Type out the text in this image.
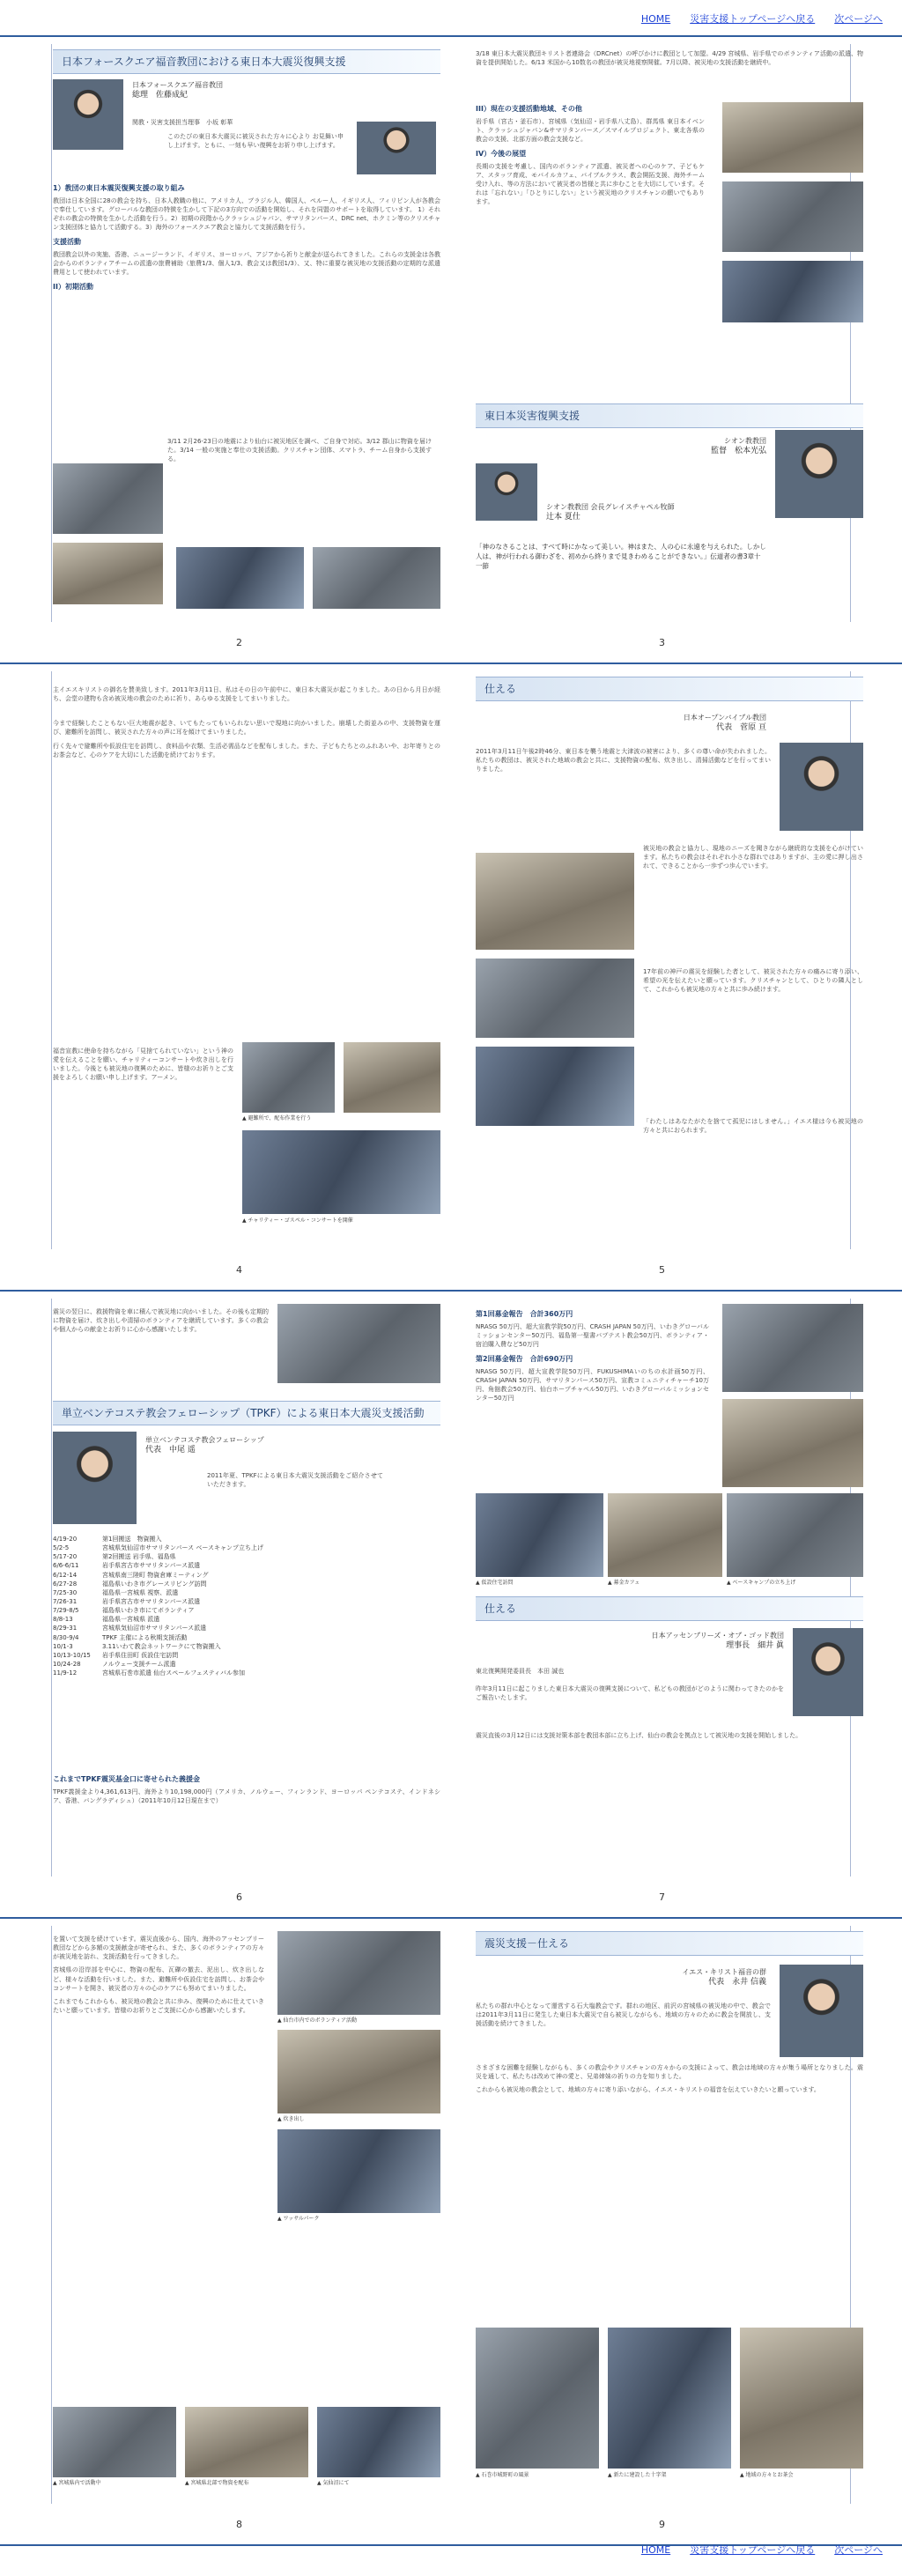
HOME 災害支援トップページへ戻る 次ページへ
日本フォースクエア福音教団における東日本大震災復興支援
日本フォースクエア福音教団
総理　佐藤成紀
関教・災害支援担当理事　小坂 彰華
このたびの東日本大震災に被災された方々に心より お見舞い申し上げます。ともに、一刻も早い復興をお祈り申し上げます。
1）教団の東日本震災復興支援の取り組み

教団は日本全国に28の教会を持ち、日本人教職の他に、アメリカ人、ブラジル人、韓国人、ペルー人、イギリス人、フィリピン人が各教会で奉仕しています。グローバルな教団の特徴を生かして下記の3方向での活動を開始し、それを同盟のサポートを取得しています。 1）それぞれの教会の特徴を生かした活動を行う。2）初期の段階からクラッシュジャパン、サマリタンパース、DRC net、ホクミン等のクリスチャン支援団体と協力して活動する。3）海外のフォースクエア教会と協力して支援活動を行う。

支援活動

教団教会以外の実施、香港、ニュージーランド、イギリス、ヨーロッパ、アジアから祈りと献金が送られてきました。これらの支援金は各教会からのボランティアチームの派遣の旅費補助（旅費1/3、個人1/3、教会又は教団1/3）、又、特に重要な被災地の支援活動の定期的な派遣費用として使われています。

II）初期活動
3/11 2月26-23日の地震により仙台に被災地区を調べ、ご自身で対応。3/12 郡山に物資を届けた。3/14 一般の実施と奉仕の支援活動。クリスチャン団体、スマトラ、チーム自身から支援する。
2

3/18 東日本大震災教団キリスト者連絡会（DRCnet）の呼びかけに教団として加盟。4/29 宮城県、岩手県でのボランティア活動の派遣、物資を提供開始した。6/13 米国から10数名の教団が被災地視察開催。7月以降、被災地の支援活動を継続中。

III）現在の支援活動地域、その他

岩手県（宮古・釜石市）、宮城県（気仙沼・岩手県八丈島）、群馬県 東日本イベント、クラッシュジャパン&サマリタンパース／スマイルプロジェクト、東北各県の教会の支援、北部方面の教会支援など。

IV）今後の展望

長期の支援を考慮し、国内のボランティア派遣、被災者への心のケア、子どもケア、スタッフ育成、モバイルカフェ、バイブルクラス、教会開拓支援、海外チーム受け入れ、等の方法において被災者の皆様と共に歩むことを大切にしています。それは「忘れない」「ひとりにしない」という被災地のクリスチャンの願いでもあります。

東日本災害復興支援
シオン教教団
監督　松本光弘
シオン教教団 会長グレイスチャペル牧師
辻本 夏仕
「神のなさることは、すべて時にかなって美しい。神はまた、人の心に永遠を与えられた。しかし人は、神が行われる御わざを、初めから終りまで見きわめることができない。」伝道者の書3章十一節
3

主イエスキリストの御名を賛美致します。2011年3月11日、私はその日の午前中に、東日本大震災が起こりました。あの日から月日が経ち、会堂の建物も含め被災地の教会のために祈り、あらゆる支援をしてまいりました。

今まで経験したこともない巨大地震が起き、いてもたってもいられない思いで現地に向かいました。崩壊した街並みの中、支援物資を運び、避難所を訪問し、被災された方々の声に耳を傾けてまいりました。

行く先々で避難所や仮設住宅を訪問し、食料品や衣類、生活必需品などを配布しました。また、子どもたちとのふれあいや、お年寄りとのお茶会など、心のケアを大切にした活動を続けております。

福音宣教に使命を持ちながら「見捨てられていない」という神の愛を伝えることを願い、チャリティーコンサートや炊き出しを行いました。今後とも被災地の復興のために、皆様のお祈りとご支援をよろしくお願い申し上げます。アーメン。
▲ 避難所で、配布作業を行う
▲ チャリティー・ゴスペル・コンサートを開催
4
仕える
日本オープンバイブル教団
代表　菅原 亘
2011年3月11日午後2時46分、東日本を襲う地震と大津波の被害により、多くの尊い命が失われました。私たちの教団は、被災された地域の教会と共に、支援物資の配布、炊き出し、清掃活動などを行ってまいりました。
被災地の教会と協力し、現地のニーズを聞きながら継続的な支援を心がけています。私たちの教会はそれぞれ小さな群れではありますが、主の愛に押し出されて、できることから一歩ずつ歩んでいます。
17年前の神戸の震災を経験した者として、被災された方々の痛みに寄り添い、希望の光を伝えたいと願っています。クリスチャンとして、ひとりの隣人として、これからも被災地の方々と共に歩み続けます。
「わたしはあなたがたを捨てて孤児にはしません。」イエス様は今も被災地の方々と共におられます。
5
震災の翌日に、救援物資を車に積んで被災地に向かいました。その後も定期的に物資を届け、炊き出しや清掃のボランティアを継続しています。多くの教会や個人からの献金とお祈りに心から感謝いたします。
単立ベンテコステ教会フェローシップ（TPKF）による東日本大震災支援活動
単立ベンテコステ教会フェローシップ
代表　中尾 遥
2011年夏、TPKFによる東日本大震災支援活動をご紹介させていただきます。
4/19-20	第1回搬送　物資搬入
5/2-5	宮城県気仙沼市サマリタンパース ベースキャンプ立ち上げ
5/17-20	第2回搬送 岩手県、福島県
6/6-6/11	岩手県宮古市サマリタンパース派遣
6/12-14	宮城県南三陸町 物資倉庫ミーティング
6/27-28	福島県いわき市グレースリビング訪問
7/25-30	福島県一宮城県 視察、派遣
7/26-31	岩手県宮古市サマリタンパース派遣
7/29-8/5	福島県いわき市にてボランティア
8/8-13	福島県一宮城県 派遣
8/29-31	宮城県気仙沼市サマリタンパース派遣
8/30-9/4	TPKF 主催による秋期支援活動
10/1-3	3.11いわて教会ネットワークにて物資搬入
10/13-10/15	岩手県住田町 仮設住宅訪問
10/24-28	ノルウェー支援チーム派遣
11/9-12	宮城県石巻市派遣 仙台スペールフェスティバル参加
これまでTPKF震災基金口に寄せられた義援金

TPKF義援金より4,361,613円、海外より10,198,000円（アメリカ、ノルウェー、フィンランド、ヨーロッパ ペンテコステ、インドネシア、香港、バングラディシュ）（2011年10月12日現在まで）

6
第1回募金報告　合計360万円

NRASG 50万円、超大宣教学院50万円、CRASH JAPAN 50万円、いわきグローバルミッションセンター50万円、福島第一聖書バプテスト教会50万円、ボランティア・宿泊購入費など50万円

第2回募金報告　合計690万円

NRASG 50万円、超大宣教学院50万円、FUKUSHIMAいのちの水計画50万円、CRASH JAPAN 50万円、サマリタンパース50万円、宣教コミュニティチャーチ10万円、角舘教会50万円、仙台ホープチャペル50万円、いわきグローバルミッションセンター50万円

▲ 仮設住宅訪問	▲ 募金カフェ	▲ ベースキャンプの立ち上げ
仕える
日本アッセンブリーズ・オブ・ゴッド教団
理事長　細井 眞
東北復興開発委員長　本田 誠也
昨年3月11日に起こりました東日本大震災の復興支援について、私どもの教団がどのように関わってきたのかをご報告いたします。
震災直後の3月12日には支援対策本部を教団本部に立ち上げ、仙台の教会を拠点として被災地の支援を開始しました。
7

を置いて支援を続けています。震災直後から、国内、海外のアッセンブリー教団などから多額の支援献金が寄せられ、また、多くのボランティアの方々が被災地を訪れ、支援活動を行ってきました。

宮城県の沿岸部を中心に、物資の配布、瓦礫の撤去、泥出し、炊き出しなど、様々な活動を行いました。また、避難所や仮設住宅を訪問し、お茶会やコンサートを開き、被災者の方々の心のケアにも努めてまいりました。

これまでもこれからも、被災地の教会と共に歩み、復興のために仕えていきたいと願っています。皆様のお祈りとご支援に心から感謝いたします。

▲ 仙台市内でのボランティア活動
▲ 炊き出し
▲ ワッサルパーク
▲ 宮城県内で活動中	▲ 宮城県北部で物資を配布	▲ 気仙沼にて
8
震災支援－仕える
イエス・キリスト福音の群
代表　永井 信義
私たちの群れ中心となって運営する石大塩教会です。群れの地区、前沢の宮城県の被災地の中で、教会では2011年3月11日に発生した東日本大震災で自ら被災しながらも、地域の方々のために教会を開放し、支援活動を続けてきました。

さまざまな困難を経験しながらも、多くの教会やクリスチャンの方々からの支援によって、教会は地域の方々が集う場所となりました。震災を通して、私たちは改めて神の愛と、兄弟姉妹の祈りの力を知りました。

これからも被災地の教会として、地域の方々に寄り添いながら、イエス・キリストの福音を伝えていきたいと願っています。

▲ 石巻市城野町の風景	▲ 新たに建設した十字架	▲ 地域の方々とお茶会
9
HOME 災害支援トップページへ戻る 次ページへ
